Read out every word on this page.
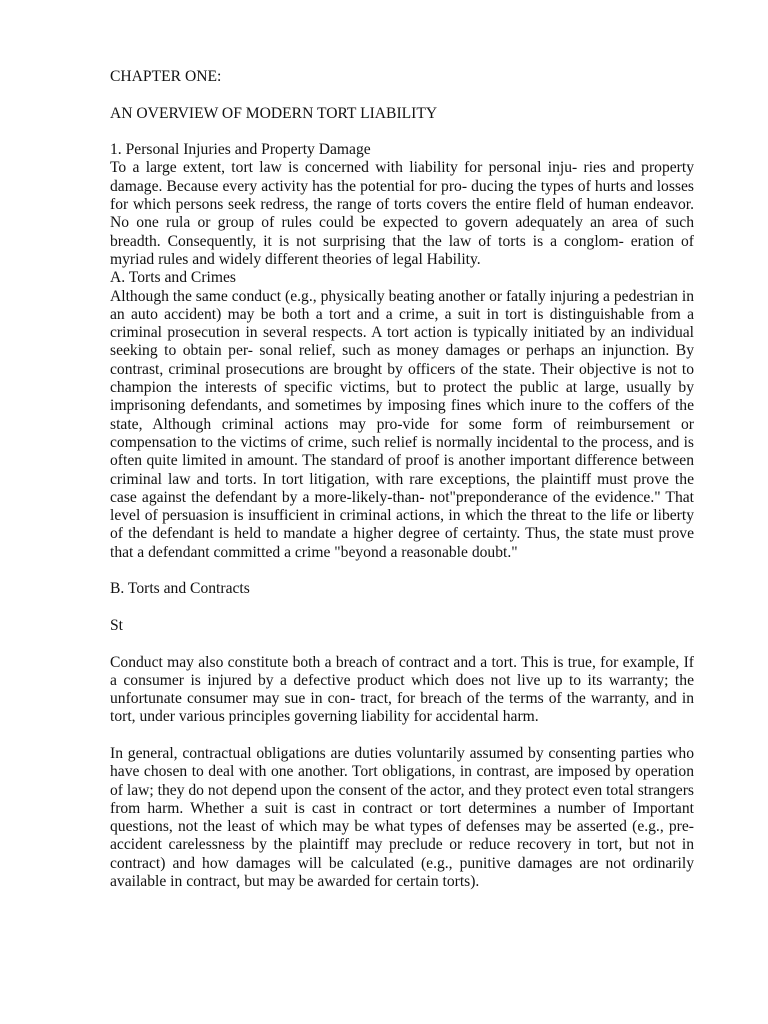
CHAPTER ONE:

AN OVERVIEW OF MODERN TORT LIABILITY

1. Personal Injuries and Property Damage

To a large extent, tort law is concerned with liability for personal inju- ries and property damage. Because every activity has the potential for pro- ducing the types of hurts and losses for which persons seek redress, the range of torts covers the entire fleld of human endeavor. No one rula or group of rules could be expected to govern adequately an area of such breadth. Consequently, it is not surprising that the law of torts is a conglom- eration of myriad rules and widely different theories of legal Hability.

A. Torts and Crimes

Although the same conduct (e.g., physically beating another or fatally injuring a pedestrian in an auto accident) may be both a tort and a crime, a suit in tort is distinguishable from a criminal prosecution in several respects. A tort action is typically initiated by an individual seeking to obtain per- sonal relief, such as money damages or perhaps an injunction. By contrast, criminal prosecutions are brought by officers of the state. Their objective is not to champion the interests of specific victims, but to protect the public at large, usually by imprisoning defendants, and sometimes by imposing fines which inure to the coffers of the state, Although criminal actions may pro-vide for some form of reimbursement or compensation to the victims of crime, such relief is normally incidental to the process, and is often quite limited in amount. The standard of proof is another important difference between criminal law and torts. In tort litigation, with rare exceptions, the plaintiff must prove the case against the defendant by a more-likely-than- not"preponderance of the evidence." That level of persuasion is insufficient in criminal actions, in which the threat to the life or liberty of the defendant is held to mandate a higher degree of certainty. Thus, the state must prove that a defendant committed a crime "beyond a reasonable doubt."

B. Torts and Contracts

St

Conduct may also constitute both a breach of contract and a tort. This is true, for example, If a consumer is injured by a defective product which does not live up to its warranty; the unfortunate consumer may sue in con- tract, for breach of the terms of the warranty, and in tort, under various principles governing liability for accidental harm.

In general, contractual obligations are duties voluntarily assumed by consenting parties who have chosen to deal with one another. Tort obligations, in contrast, are imposed by operation of law; they do not depend upon the consent of the actor, and they protect even total strangers from harm. Whether a suit is cast in contract or tort determines a number of Important questions, not the least of which may be what types of defenses may be asserted (e.g., pre-accident carelessness by the plaintiff may preclude or reduce recovery in tort, but not in contract) and how damages will be calculated (e.g., punitive damages are not ordinarily available in contract, but may be awarded for certain torts).
